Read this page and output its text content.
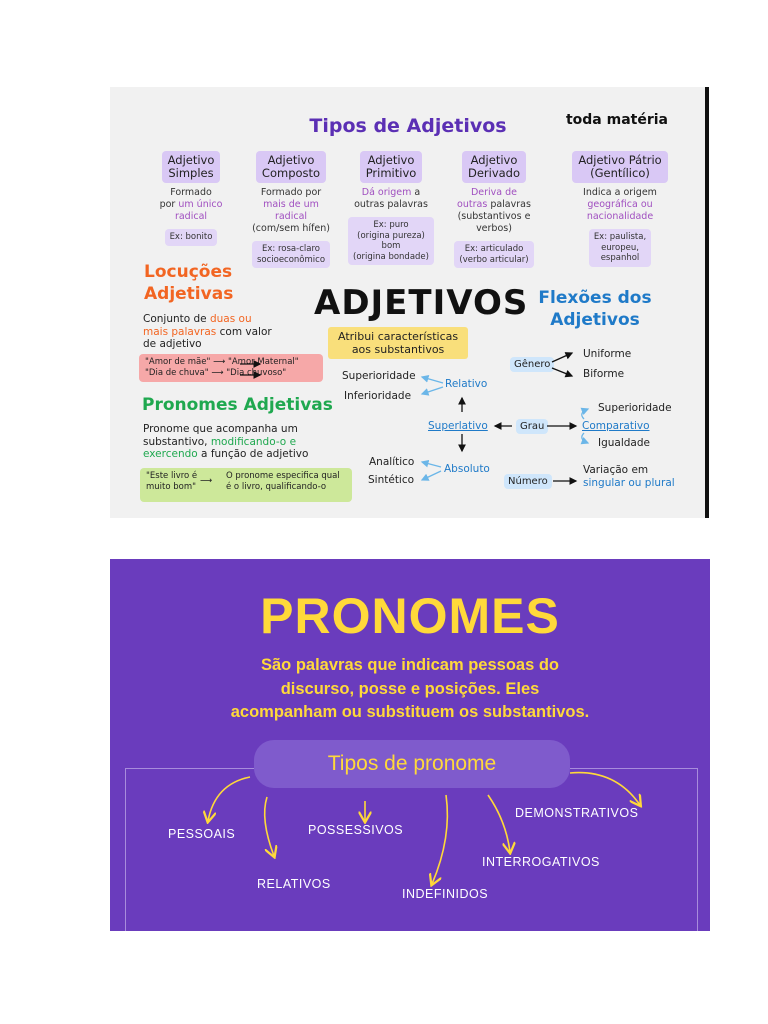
Tipos de Adjetivos	toda matéria
Adjetivo
Simples
Formado
por um único
radical
Ex: bonito
Adjetivo
Composto
Formado por
mais de um
radical
(com/sem hífen)
Ex: rosa-claro
socioeconômico
Adjetivo
Primitivo
Dá origem a
outras palavras
Ex: puro
(origina pureza)
bom
(origina bondade)
Adjetivo
Derivado
Deriva de
outras palavras
(substantivos e
verbos)
Ex: articulado
(verbo articular)
Adjetivo Pátrio
(Gentílico)
Indica a origem
geográfica ou
nacionalidade
Ex: paulista,
europeu,
espanhol
Locuções
Adjetivas
Conjunto de duas ou
mais palavras com valor
de adjetivo
"Amor de mãe" ⟶ "Amor Maternal"
"Dia de chuva" ⟶ "Dia chuvoso"
Pronomes Adjetivas
Pronome que acompanha um
substantivo, modificando-o e
exercendo a função de adjetivo
"Este livro é
muito bom"
⟶ O pronome especifica qual
é o livro, qualificando-o
ADJETIVOS
Atribui características
aos substantivos
Superioridade
Inferioridade
Relativo
Superlativo
Analítico
Sintético
Absoluto
Grau	Comparativo
Superioridade
Igualdade
Flexões dos
Adjetivos
Gênero
Uniforme
Biforme
Número
Variação em
singular ou plural
PRONOMES
São palavras que indicam pessoas do
discurso, posse e posições. Eles
acompanham ou substituem os substantivos.
Tipos de pronome
PESSOAIS	POSSESSIVOS
DEMONSTRATIVOS
RELATIVOS
INTERROGATIVOS
INDEFINIDOS
